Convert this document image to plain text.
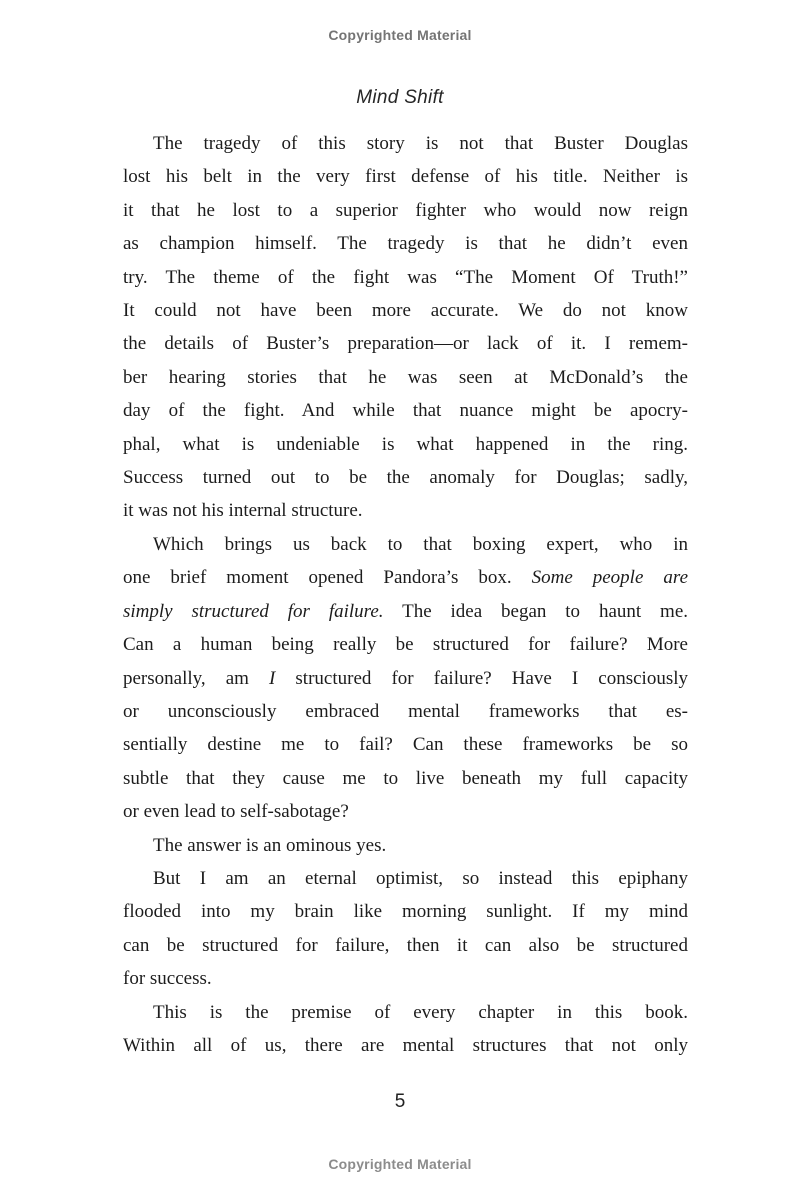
Copyrighted Material
Mind Shift
The tragedy of this story is not that Buster Douglas
lost his belt in the very first defense of his title. Neither is
it that he lost to a superior fighter who would now reign
as champion himself. The tragedy is that he didn’t even
try. The theme of the fight was “The Moment Of Truth!”
It could not have been more accurate. We do not know
the details of Buster’s preparation—or lack of it. I remem-
ber hearing stories that he was seen at McDonald’s the
day of the fight. And while that nuance might be apocry-
phal, what is undeniable is what happened in the ring.
Success turned out to be the anomaly for Douglas; sadly,
it was not his internal structure.
Which brings us back to that boxing expert, who in
one brief moment opened Pandora’s box. Some people are
simply structured for failure. The idea began to haunt me.
Can a human being really be structured for failure? More
personally, am I structured for failure? Have I consciously
or unconsciously embraced mental frameworks that es-
sentially destine me to fail? Can these frameworks be so
subtle that they cause me to live beneath my full capacity
or even lead to self-sabotage?
The answer is an ominous yes.
But I am an eternal optimist, so instead this epiphany
flooded into my brain like morning sunlight. If my mind
can be structured for failure, then it can also be structured
for success.
This is the premise of every chapter in this book.
Within all of us, there are mental structures that not only
5
Copyrighted Material
